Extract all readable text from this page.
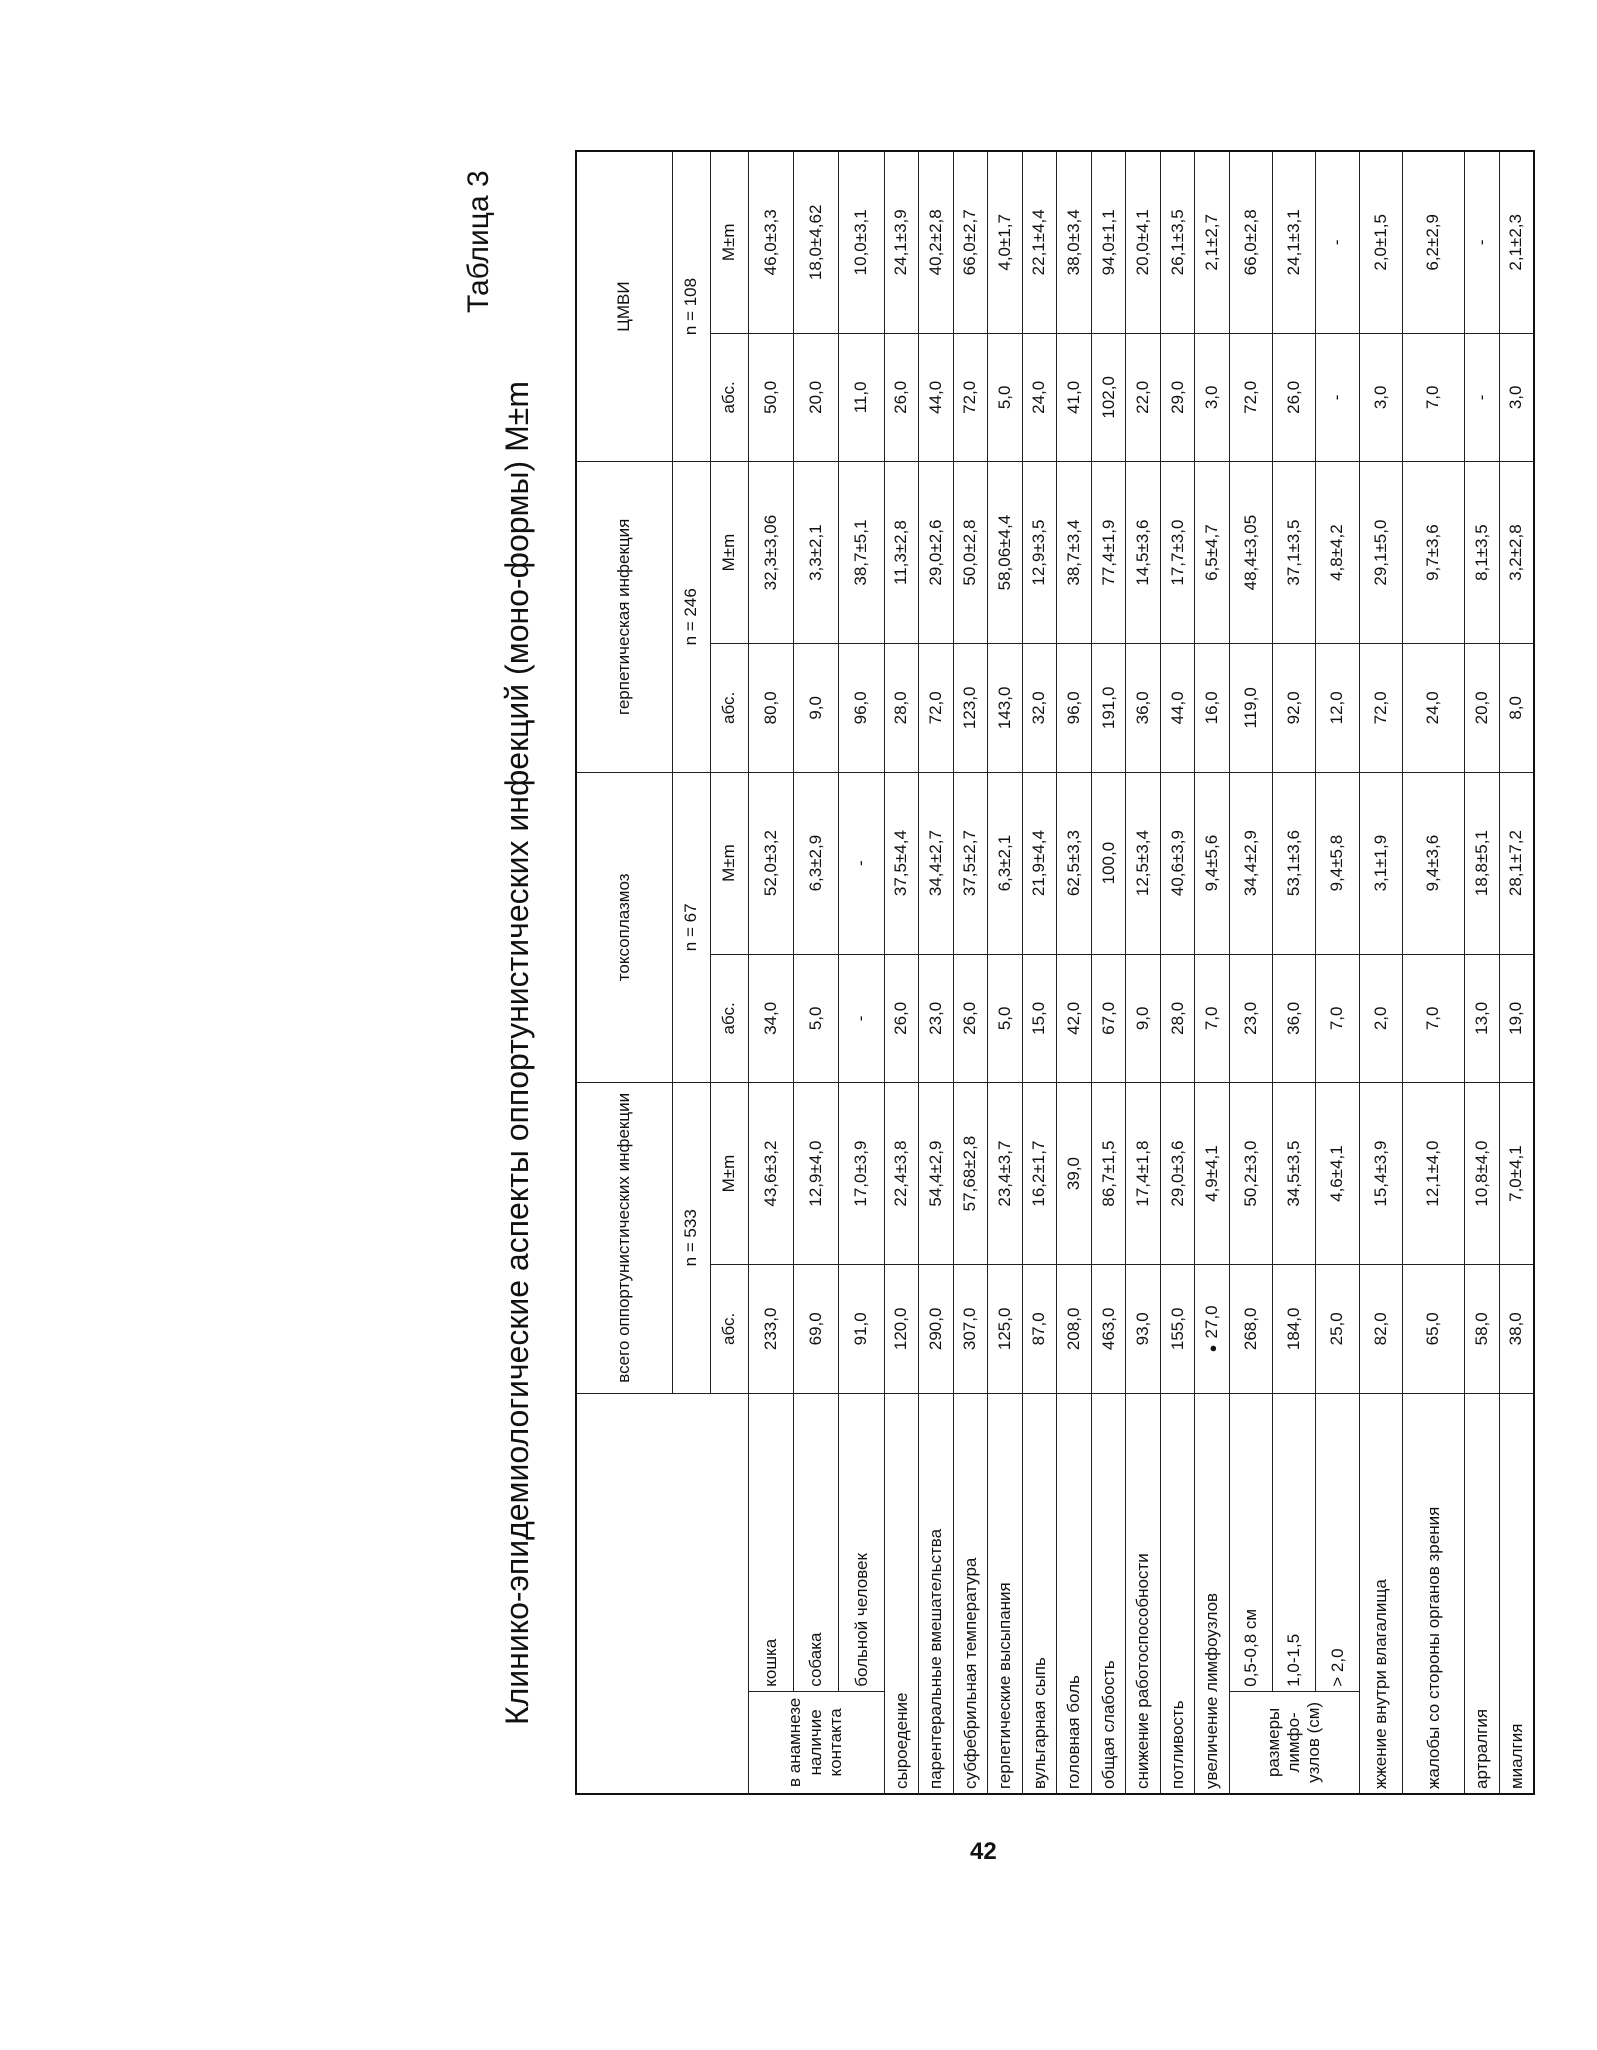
Таблица 3
Клинико-эпидемиологические аспекты оппортунистических инфекций (моно-формы) M±m
		всего оппортунистических инфекции		токсоплазмоз		герпетическая инфекция		ЦМВИ	
		n = 533		n = 67		n = 246		n = 108	
		абс.	M±m	абс.	M±m	абс.	M±m	абс.	M±m
в анамнезе наличие контакта	кошка	233,0	43,6±3,2	34,0	52,0±3,2	80,0	32,3±3,06	50,0	46,0±3,3
	собака	69,0	12,9±4,0	5,0	6,3±2,9	9,0	3,3±2,1	20,0	18,0±4,62
	больной человек	91,0	17,0±3,9	-	-	96,0	38,7±5,1	11,0	10,0±3,1
сыроедение		120,0	22,4±3,8	26,0	37,5±4,4	28,0	11,3±2,8	26,0	24,1±3,9
парентеральные вмешательства		290,0	54,4±2,9	23,0	34,4±2,7	72,0	29,0±2,6	44,0	40,2±2,8
субфебрильная температура		307,0	57,68±2,8	26,0	37,5±2,7	123,0	50,0±2,8	72,0	66,0±2,7
герпетические высыпания		125,0	23,4±3,7	5,0	6,3±2,1	143,0	58,06±4,4	5,0	4,0±1,7
вульгарная сыпь		87,0	16,2±1,7	15,0	21,9±4,4	32,0	12,9±3,5	24,0	22,1±4,4
головная боль		208,0	39,0	42,0	62,5±3,3	96,0	38,7±3,4	41,0	38,0±3,4
общая слабость		463,0	86,7±1,5	67,0	100,0	191,0	77,4±1,9	102,0	94,0±1,1
снижение работоспособности		93,0	17,4±1,8	9,0	12,5±3,4	36,0	14,5±3,6	22,0	20,0±4,1
потливость		155,0	29,0±3,6	28,0	40,6±3,9	44,0	17,7±3,0	29,0	26,1±3,5
увеличение лимфоузлов		●27,0	4,9±4,1	7,0	9,4±5,6	16,0	6,5±4,7	3,0	2,1±2,7
размеры лимфо- узлов (см)	0,5-0,8 см	268,0	50,2±3,0	23,0	34,4±2,9	119,0	48,4±3,05	72,0	66,0±2,8
	1,0-1,5	184,0	34,5±3,5	36,0	53,1±3,6	92,0	37,1±3,5	26,0	24,1±3,1
	> 2,0	25,0	4,6±4,1	7,0	9,4±5,8	12,0	4,8±4,2	-	-
жжение внутри влагалища		82,0	15,4±3,9	2,0	3,1±1,9	72,0	29,1±5,0	3,0	2,0±1,5
жалобы со стороны органов зрения		65,0	12,1±4,0	7,0	9,4±3,6	24,0	9,7±3,6	7,0	6,2±2,9
артралгия		58,0	10,8±4,0	13,0	18,8±5,1	20,0	8,1±3,5	-	-
миалгия		38,0	7,0±4,1	19,0	28,1±7,2	8,0	3,2±2,8	3,0	2,1±2,3
42
